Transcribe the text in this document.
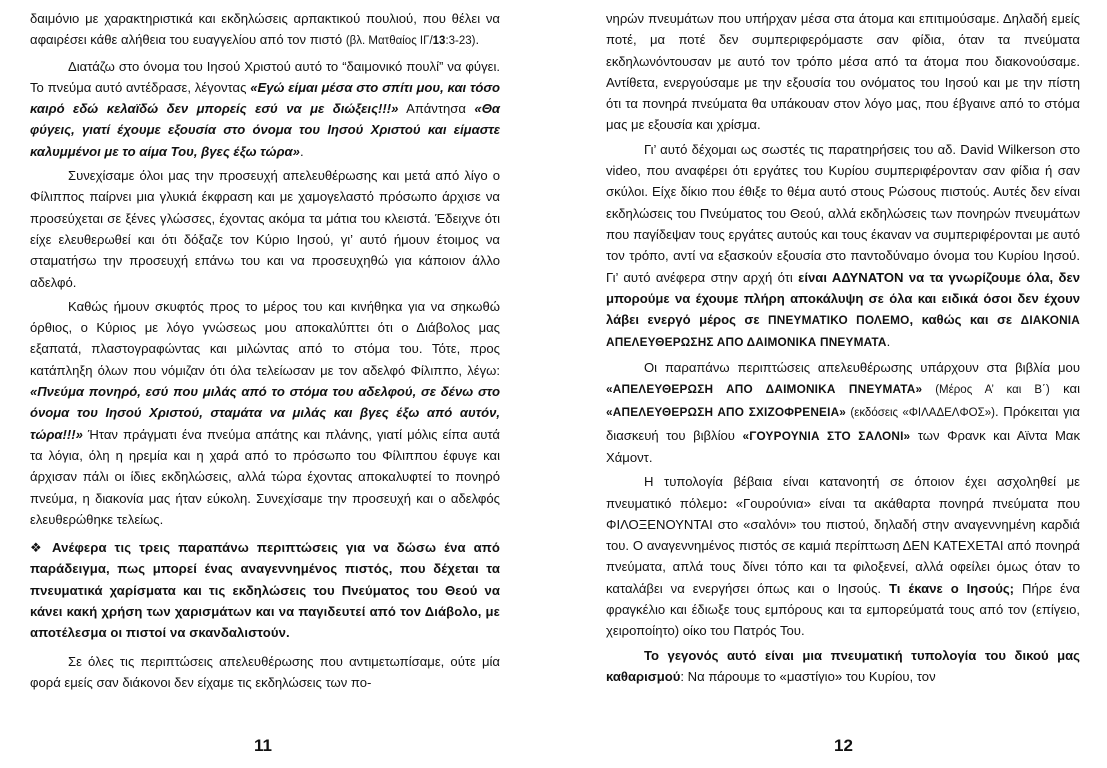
δαιμόνιο με χαρακτηριστικά και εκδηλώσεις αρπακτικού πουλιού, που θέλει να αφαιρέσει κάθε αλήθεια του ευαγγελίου από τον πιστό (βλ. Ματθαίος ΙΓ/13:3-23).

Διατάζω στο όνομα του Ιησού Χριστού αυτό το “δαιμονικό πουλί” να φύγει. Το πνεύμα αυτό αντέδρασε, λέγοντας «Εγώ είμαι μέσα στο σπίτι μου, και τόσο καιρό εδώ κελαϊδώ δεν μπορείς εσύ να με διώξεις!!!» Απάντησα «Θα φύγεις, γιατί έχουμε εξουσία στο όνομα του Ιησού Χριστού και είμαστε καλυμμένοι με το αίμα Του, βγες έξω τώρα».

Συνεχίσαμε όλοι μας την προσευχή απελευθέρωσης και μετά από λίγο ο Φίλιππος παίρνει μια γλυκιά έκφραση και με χαμογελαστό πρόσωπο άρχισε να προσεύχεται σε ξένες γλώσσες, έχοντας ακόμα τα μάτια του κλειστά. Έδειχνε ότι είχε ελευθερωθεί και ότι δόξαζε τον Κύριο Ιησού, γι’ αυτό ήμουν έτοιμος να σταματήσω την προσευχή επάνω του και να προσευχηθώ για κάποιον άλλο αδελφό.

Καθώς ήμουν σκυφτός προς το μέρος του και κινήθηκα για να σηκωθώ όρθιος, ο Κύριος με λόγο γνώσεως μου αποκαλύπτει ότι ο Διάβολος μας εξαπατά, πλαστογραφώντας και μιλώντας από το στόμα του. Τότε, προς κατάπληξη όλων που νόμιζαν ότι όλα τελείωσαν με τον αδελφό Φίλιππο, λέγω: «Πνεύμα πονηρό, εσύ που μιλάς από το στόμα του αδελφού, σε δένω στο όνομα του Ιησού Χριστού, σταμάτα να μιλάς και βγες έξω από αυτόν, τώρα!!!» Ήταν πράγματι ένα πνεύμα απάτης και πλάνης, γιατί μόλις είπα αυτά τα λόγια, όλη η ηρεμία και η χαρά από το πρόσωπο του Φίλιππου έφυγε και άρχισαν πάλι οι ίδιες εκδηλώσεις, αλλά τώρα έχοντας αποκαλυφτεί το πονηρό πνεύμα, η διακονία μας ήταν εύκολη. Συνεχίσαμε την προσευχή και ο αδελφός ελευθερώθηκε τελείως.

❖ Ανέφερα τις τρεις παραπάνω περιπτώσεις για να δώσω ένα από παράδειγμα, πως μπορεί ένας αναγεννημένος πιστός, που δέχεται τα πνευματικά χαρίσματα και τις εκδηλώσεις του Πνεύματος του Θεού να κάνει κακή χρήση των χαρισμάτων και να παγιδευτεί από τον Διάβολο, με αποτέλεσμα οι πιστοί να σκανδαλιστούν.

Σε όλες τις περιπτώσεις απελευθέρωσης που αντιμετωπίσαμε, ούτε μία φορά εμείς σαν διάκονοι δεν είχαμε τις εκδηλώσεις των πο-

νηρών πνευμάτων που υπήρχαν μέσα στα άτομα και επιτιμούσαμε. Δηλαδή εμείς ποτέ, μα ποτέ δεν συμπεριφερόμαστε σαν φίδια, όταν τα πνεύματα εκδηλωνόντουσαν με αυτό τον τρόπο μέσα από τα άτομα που διακονούσαμε. Αντίθετα, ενεργούσαμε με την εξουσία του ονόματος του Ιησού και με την πίστη ότι τα πονηρά πνεύματα θα υπάκουαν στον λόγο μας, που έβγαινε από το στόμα μας με εξουσία και χρίσμα.

Γι’ αυτό δέχομαι ως σωστές τις παρατηρήσεις του αδ. David Wilkerson στο video, που αναφέρει ότι εργάτες του Κυρίου συμπεριφέρονταν σαν φίδια ή σαν σκύλοι. Είχε δίκιο που έθιξε το θέμα αυτό στους Ρώσους πιστούς. Αυτές δεν είναι εκδηλώσεις του Πνεύματος του Θεού, αλλά εκδηλώσεις των πονηρών πνευμάτων που παγίδεψαν τους εργάτες αυτούς και τους έκαναν να συμπεριφέρονται με αυτό τον τρόπο, αντί να εξασκούν εξουσία στο παντοδύναμο όνομα του Κυρίου Ιησού. Γι’ αυτό ανέφερα στην αρχή ότι είναι ΑΔΥΝΑΤΟΝ να τα γνωρίζουμε όλα, δεν μπορούμε να έχουμε πλήρη αποκάλυψη σε όλα και ειδικά όσοι δεν έχουν λάβει ενεργό μέρος σε ΠΝΕΥΜΑΤΙΚΟ ΠΟΛΕΜΟ, καθώς και σε ΔΙΑΚΟΝΙΑ ΑΠΕΛΕΥΘΕΡΩΣΗΣ ΑΠΟ ΔΑΙΜΟΝΙΚΑ ΠΝΕΥΜΑΤΑ.

Οι παραπάνω περιπτώσεις απελευθέρωσης υπάρχουν στα βιβλία μου «ΑΠΕΛΕΥΘΕΡΩΣΗ ΑΠΟ ΔΑΙΜΟΝΙΚΑ ΠΝΕΥΜΑΤΑ» (Μέρος Α’ και Β΄) και «ΑΠΕΛΕΥΘΕΡΩΣΗ ΑΠΟ ΣΧΙΖΟΦΡΕΝΕΙΑ» (εκδόσεις «ΦΙΛΑΔΕΛΦΟΣ»). Πρόκειται για διασκευή του βιβλίου «ΓΟΥΡΟΥΝΙΑ ΣΤΟ ΣΑΛΟΝΙ» των Φρανκ και Αϊντα Μακ Χάμοντ.

Η τυπολογία βέβαια είναι κατανοητή σε όποιον έχει ασχοληθεί με πνευματικό πόλεμο: «Γουρούνια» είναι τα ακάθαρτα πονηρά πνεύματα που ΦΙΛΟΞΕΝΟΥΝΤΑΙ στο «σαλόνι» του πιστού, δηλαδή στην αναγεννημένη καρδιά του. Ο αναγεννημένος πιστός σε καμιά περίπτωση ΔΕΝ ΚΑΤΕΧΕΤΑΙ από πονηρά πνεύματα, απλά τους δίνει τόπο και τα φιλοξενεί, αλλά οφείλει όμως όταν το καταλάβει να ενεργήσει όπως και ο Ιησούς. Τι έκανε ο Ιησούς; Πήρε ένα φραγκέλιο και έδιωξε τους εμπόρους και τα εμπορεύματά τους από τον (επίγειο, χειροποίητο) οίκο του Πατρός Του.

Το γεγονός αυτό είναι μια πνευματική τυπολογία του δικού μας καθαρισμού: Να πάρουμε το «μαστίγιο» του Κυρίου, τον

11	12
